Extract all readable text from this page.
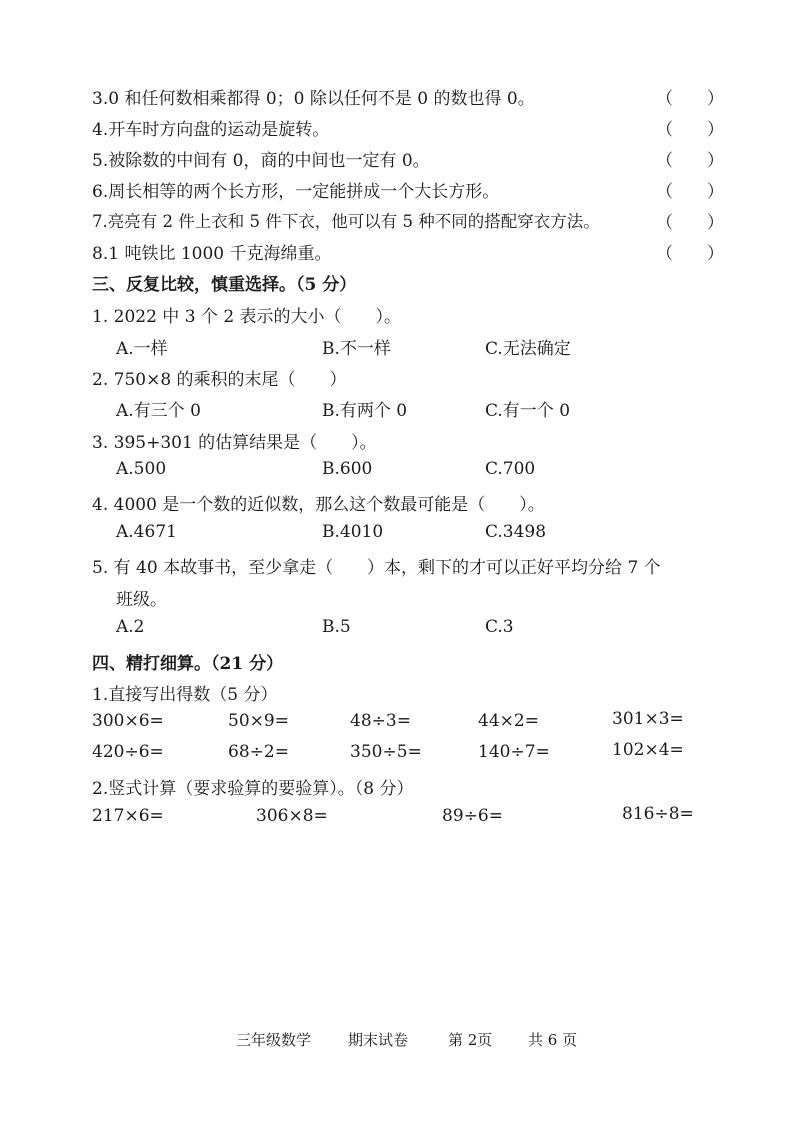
3.0 和任何数相乘都得 0；0 除以任何不是 0 的数也得 0。	（　　）
4.开车时方向盘的运动是旋转。	（　　）
5.被除数的中间有 0，商的中间也一定有 0。	（　　）
6.周长相等的两个长方形，一定能拼成一个大长方形。	（　　）
7.亮亮有 2 件上衣和 5 件下衣，他可以有 5 种不同的搭配穿衣方法。	（　　）
8.1 吨铁比 1000 千克海绵重。	（　　）
三、反复比较，慎重选择。（5 分）
1. 2022 中 3 个 2 表示的大小（　　）。
A.一样	B.不一样	C.无法确定
2. 750×8 的乘积的末尾（　　）
A.有三个 0	B.有两个 0	C.有一个 0
3. 395+301 的估算结果是（　　）。
A.500	B.600	C.700
4. 4000 是一个数的近似数，那么这个数最可能是（　　）。
A.4671	B.4010	C.3498
5. 有 40 本故事书，至少拿走（　　）本，剩下的才可以正好平均分给 7 个
班级。
A.2	B.5	C.3
四、精打细算。（21 分）
1.直接写出得数（5 分）
300×6=	50×9=	48÷3=	44×2=	301×3=
420÷6=	68÷2=	350÷5=	140÷7=	102×4=
2.竖式计算（要求验算的要验算）。（8 分）
217×6=	306×8=	89÷6=	816÷8=
三年级数学 期末试卷	第 2页 共 6 页
